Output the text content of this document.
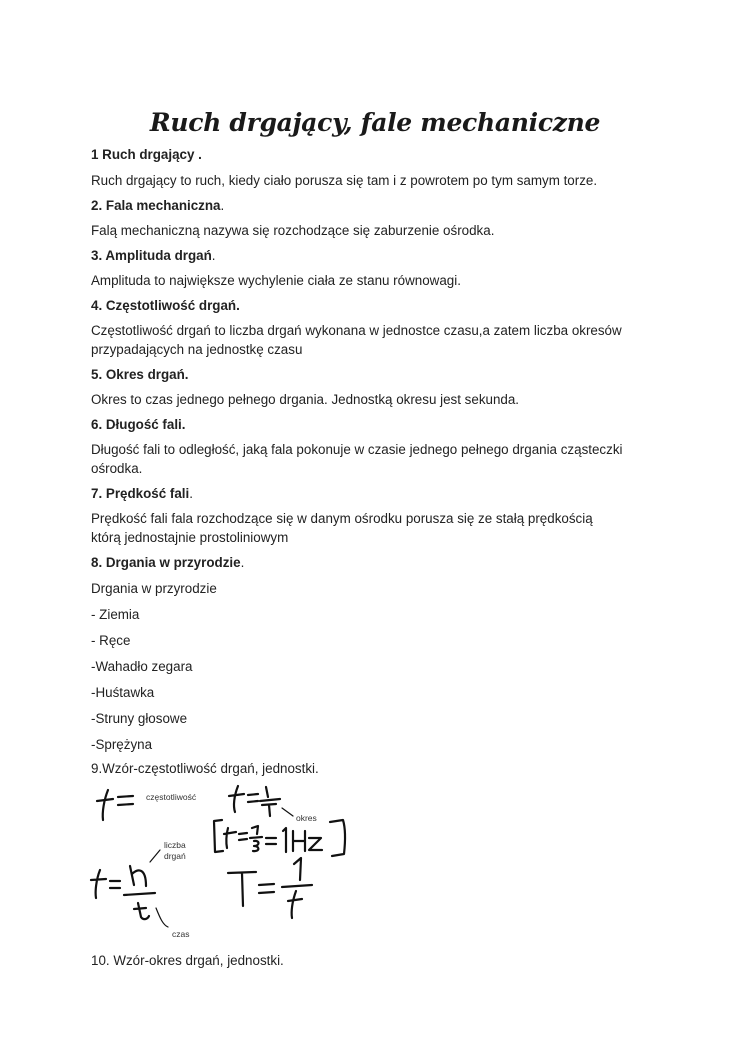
Ruch drgający, fale mechaniczne
1 Ruch drgający .
Ruch drgający to ruch, kiedy ciało porusza się tam i z powrotem po tym samym torze.
2. Fala mechaniczna.
Falą mechaniczną nazywa się rozchodzące się zaburzenie ośrodka.
3. Amplituda drgań.
Amplituda to największe wychylenie ciała ze stanu równowagi.
4. Częstotliwość drgań.
Częstotliwość drgań to liczba drgań wykonana w jednostce czasu,a zatem liczba okresów
przypadających na jednostkę czasu
5. Okres drgań.
Okres to czas jednego pełnego drgania. Jednostką okresu jest sekunda.
6. Długość fali.
Długość fali to odległość, jaką fala pokonuje w czasie jednego pełnego drgania cząsteczki
ośrodka.
7. Prędkość fali.
Prędkość fali fala rozchodzące się w danym ośrodku porusza się ze stałą prędkością
którą jednostajnie prostoliniowym
8. Drgania w przyrodzie.
Drgania w przyrodzie
- Ziemia
- Ręce
-Wahadło zegara
-Huśtawka
-Struny głosowe
-Sprężyna
9.Wzór-częstotliwość drgań, jednostki.
częstotliwość
okres
liczba
drgań
czas
10. Wzór-okres drgań, jednostki.
